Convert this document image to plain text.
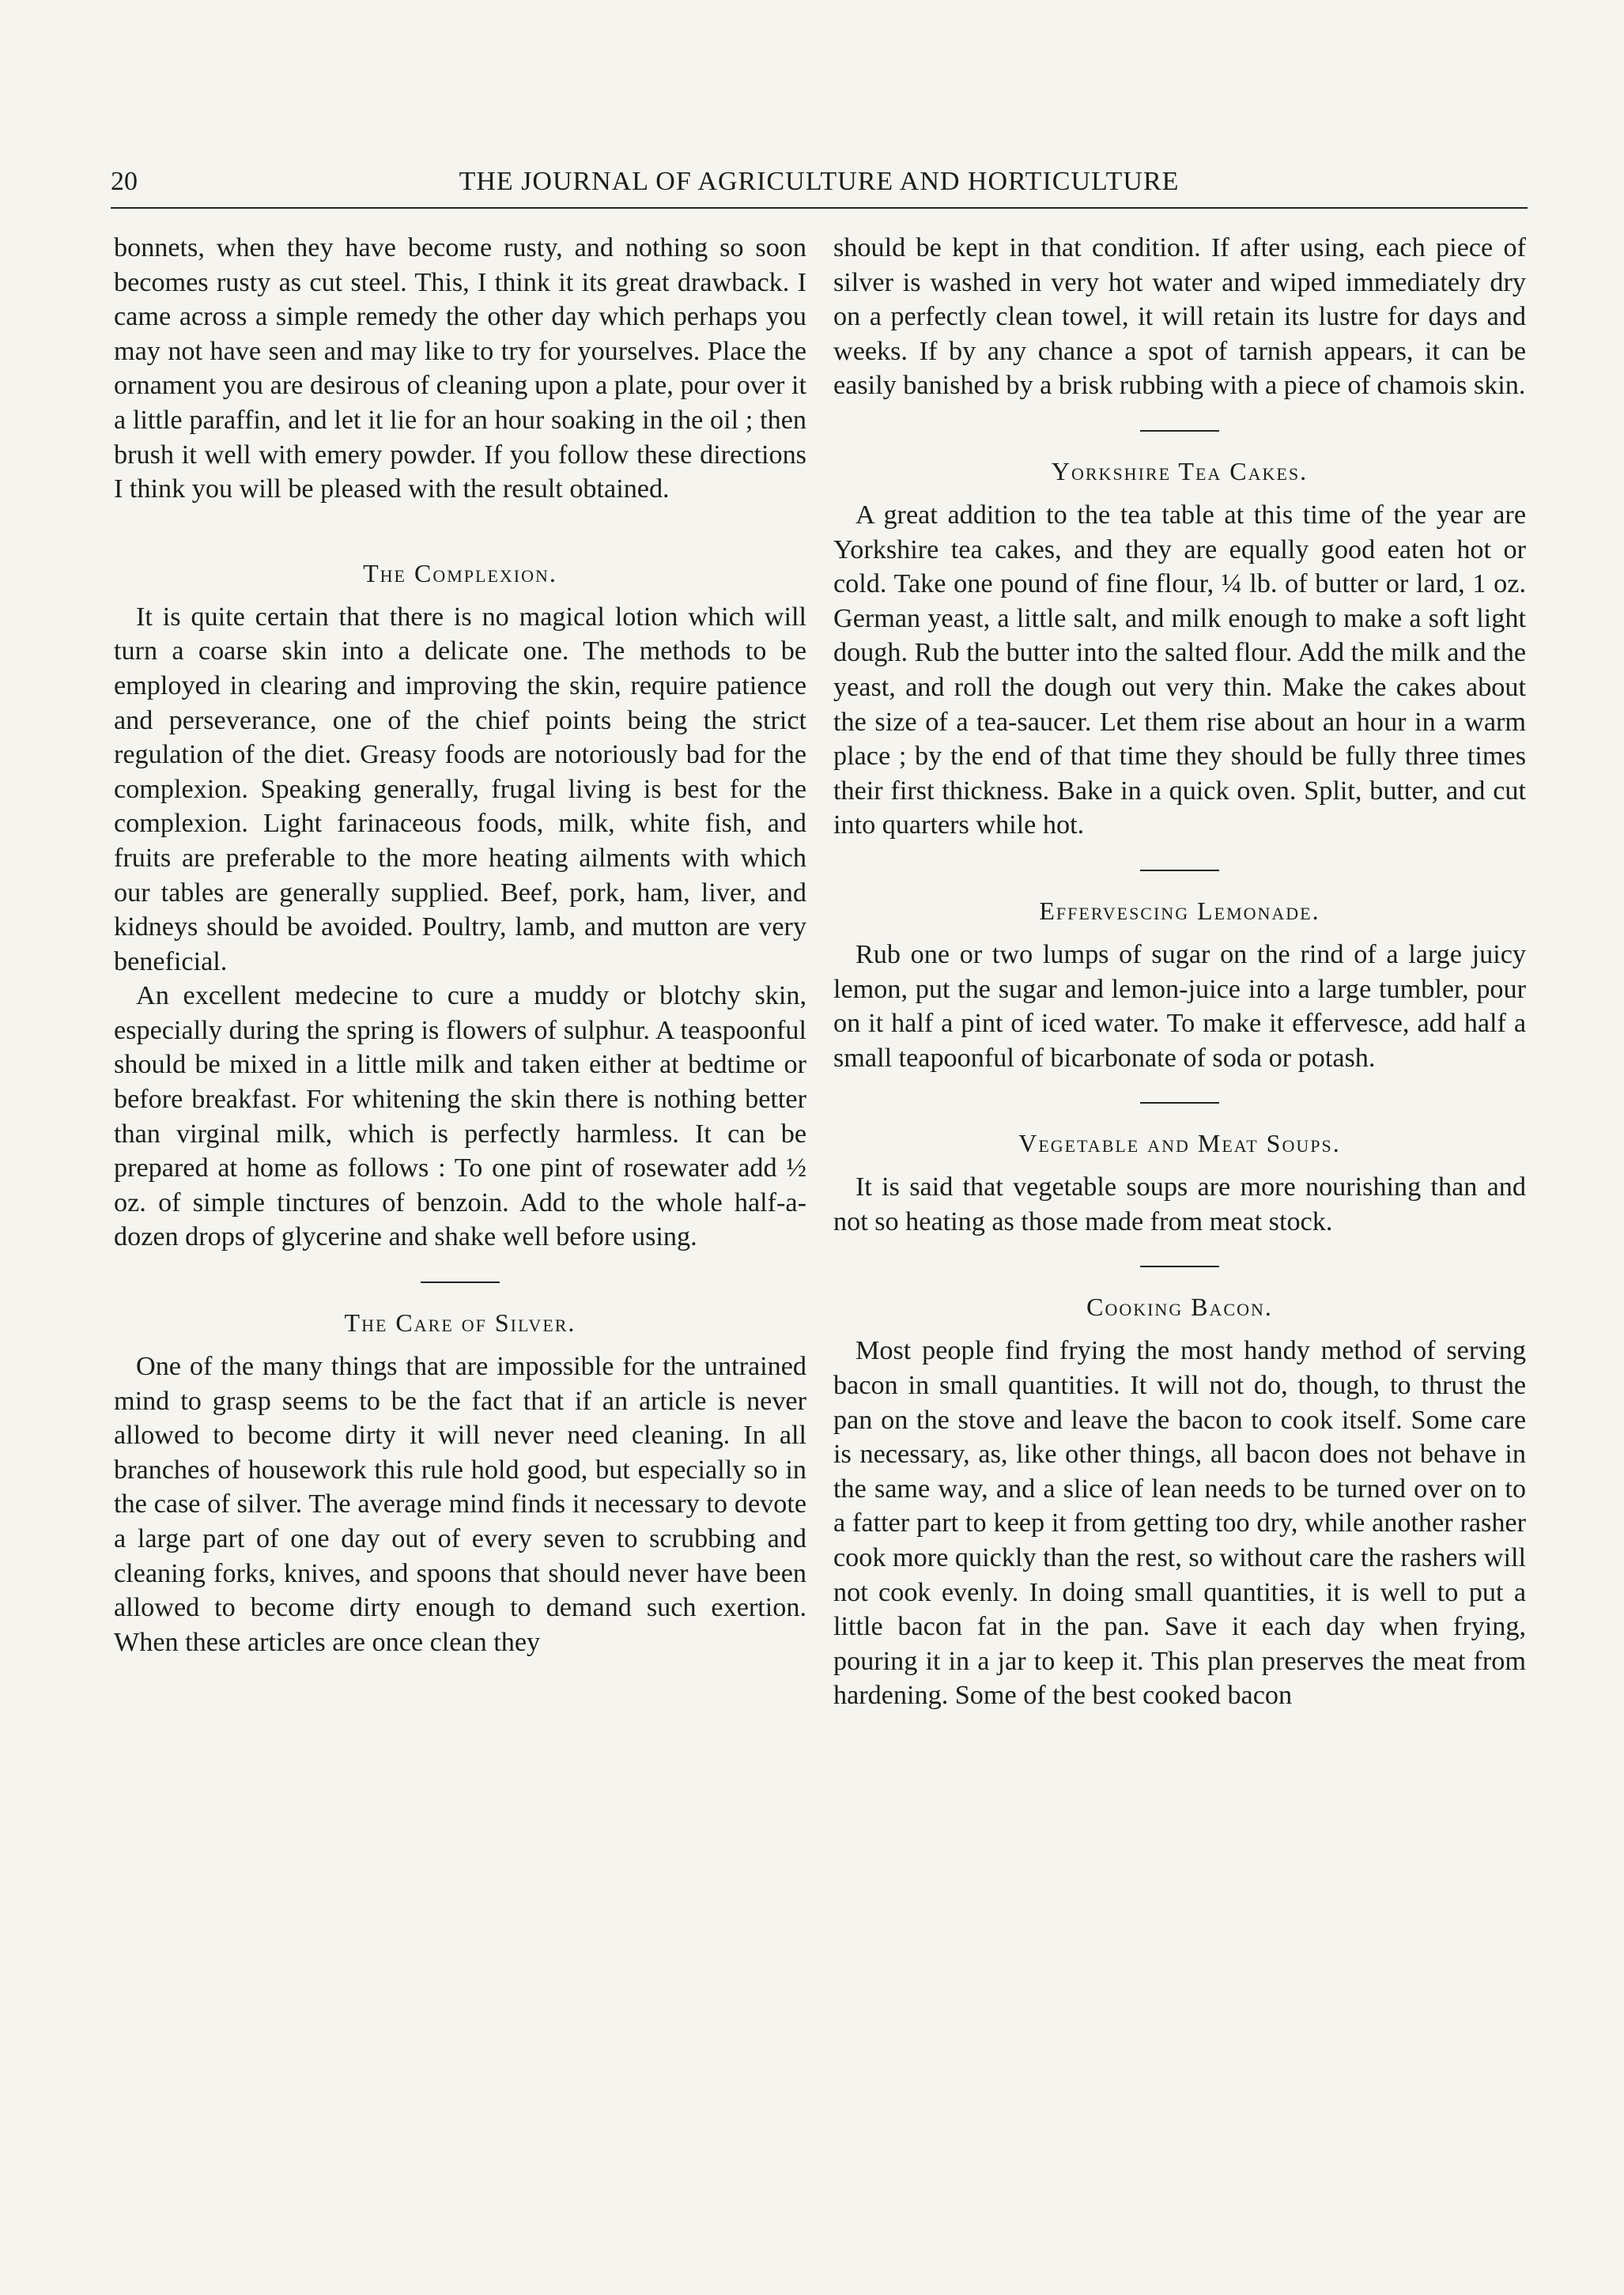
20	THE JOURNAL OF AGRICULTURE AND HORTICULTURE

bonnets, when they have become rusty, and nothing so soon becomes rusty as cut steel. This, I think it its great drawback. I came across a simple remedy the other day which perhaps you may not have seen and may like to try for yourselves. Place the ornament you are desirous of cleaning upon a plate, pour over it a little paraffin, and let it lie for an hour soaking in the oil ; then brush it well with emery powder. If you follow these directions I think you will be pleased with the result obtained.

The Complexion.

It is quite certain that there is no magical lotion which will turn a coarse skin into a delicate one. The methods to be employed in clearing and improving the skin, require patience and perseverance, one of the chief points being the strict regulation of the diet. Greasy foods are notoriously bad for the complexion. Speaking generally, frugal living is best for the complexion. Light farinaceous foods, milk, white fish, and fruits are preferable to the more heating ailments with which our tables are generally supplied. Beef, pork, ham, liver, and kidneys should be avoided. Poultry, lamb, and mutton are very beneficial.

An excellent medecine to cure a muddy or blotchy skin, especially during the spring is flowers of sulphur. A teaspoonful should be mixed in a little milk and taken either at bedtime or before breakfast. For whitening the skin there is nothing better than virginal milk, which is perfectly harmless. It can be prepared at home as follows : To one pint of rosewater add ½ oz. of simple tinctures of benzoin. Add to the whole half-a-dozen drops of glycerine and shake well before using.

The Care of Silver.

One of the many things that are impossible for the untrained mind to grasp seems to be the fact that if an article is never allowed to become dirty it will never need cleaning. In all branches of housework this rule hold good, but especially so in the case of silver. The average mind finds it necessary to devote a large part of one day out of every seven to scrubbing and cleaning forks, knives, and spoons that should never have been allowed to become dirty enough to demand such exertion. When these articles are once clean they

should be kept in that condition. If after using, each piece of silver is washed in very hot water and wiped immediately dry on a perfectly clean towel, it will retain its lustre for days and weeks. If by any chance a spot of tarnish appears, it can be easily banished by a brisk rubbing with a piece of chamois skin.

Yorkshire Tea Cakes.

A great addition to the tea table at this time of the year are Yorkshire tea cakes, and they are equally good eaten hot or cold. Take one pound of fine flour, ¼ lb. of butter or lard, 1 oz. German yeast, a little salt, and milk enough to make a soft light dough. Rub the butter into the salted flour. Add the milk and the yeast, and roll the dough out very thin. Make the cakes about the size of a tea-saucer. Let them rise about an hour in a warm place ; by the end of that time they should be fully three times their first thickness. Bake in a quick oven. Split, butter, and cut into quarters while hot.

Effervescing Lemonade.

Rub one or two lumps of sugar on the rind of a large juicy lemon, put the sugar and lemon-juice into a large tumbler, pour on it half a pint of iced water. To make it effervesce, add half a small teapoonful of bicarbonate of soda or potash.

Vegetable and Meat Soups.

It is said that vegetable soups are more nourishing than and not so heating as those made from meat stock.

Cooking Bacon.

Most people find frying the most handy method of serving bacon in small quantities. It will not do, though, to thrust the pan on the stove and leave the bacon to cook itself. Some care is necessary, as, like other things, all bacon does not behave in the same way, and a slice of lean needs to be turned over on to a fatter part to keep it from getting too dry, while another rasher cook more quickly than the rest, so without care the rashers will not cook evenly. In doing small quantities, it is well to put a little bacon fat in the pan. Save it each day when frying, pouring it in a jar to keep it. This plan preserves the meat from hardening. Some of the best cooked bacon
